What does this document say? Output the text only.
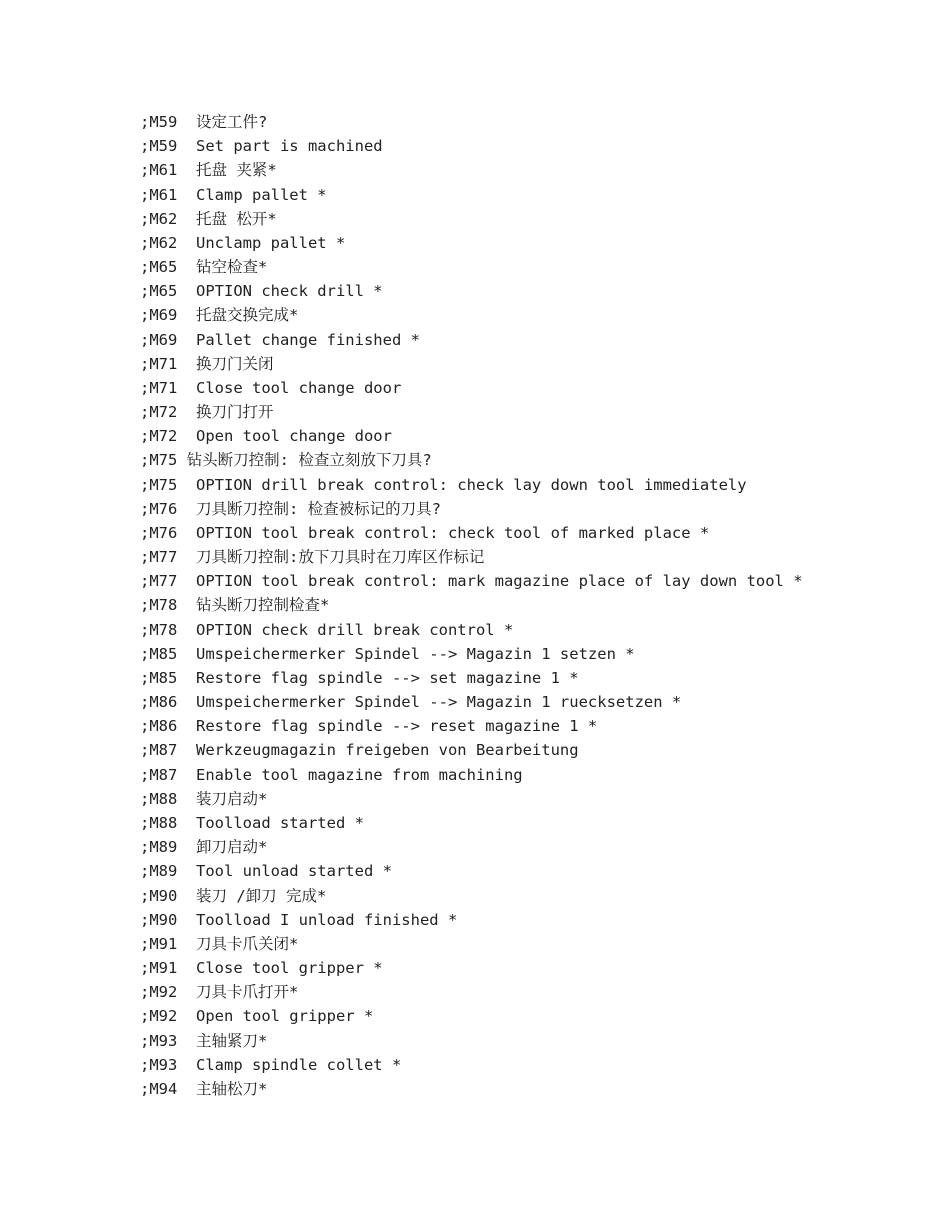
;M59  设定工件?
;M59  Set part is machined
;M61  托盘 夹紧*
;M61  Clamp pallet *
;M62  托盘 松开*
;M62  Unclamp pallet *
;M65  钻空检查*
;M65  OPTION check drill *
;M69  托盘交换完成*
;M69  Pallet change finished *
;M71  换刀门关闭
;M71  Close tool change door
;M72  换刀门打开
;M72  Open tool change door
;M75 钻头断刀控制: 检查立刻放下刀具?
;M75  OPTION drill break control: check lay down tool immediately
;M76  刀具断刀控制: 检查被标记的刀具?
;M76  OPTION tool break control: check tool of marked place *
;M77  刀具断刀控制:放下刀具时在刀库区作标记
;M77  OPTION tool break control: mark magazine place of lay down tool *
;M78  钻头断刀控制检查*
;M78  OPTION check drill break control *
;M85  Umspeichermerker Spindel --> Magazin 1 setzen *
;M85  Restore flag spindle --> set magazine 1 *
;M86  Umspeichermerker Spindel --> Magazin 1 ruecksetzen *
;M86  Restore flag spindle --> reset magazine 1 *
;M87  Werkzeugmagazin freigeben von Bearbeitung
;M87  Enable tool magazine from machining
;M88  装刀启动*
;M88  Toolload started *
;M89  卸刀启动*
;M89  Tool unload started *
;M90  装刀 /卸刀 完成*
;M90  Toolload I unload finished *
;M91  刀具卡爪关闭*
;M91  Close tool gripper *
;M92  刀具卡爪打开*
;M92  Open tool gripper *
;M93  主轴紧刀*
;M93  Clamp spindle collet *
;M94  主轴松刀*
